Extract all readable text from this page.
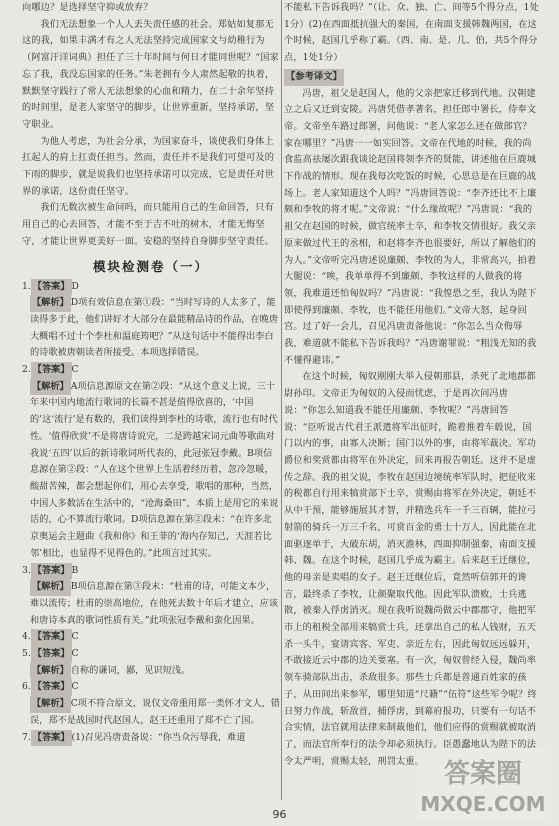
向哪边？是选择坚守抑或放弃？

我们无法想象一个人人丢失责任感的社会。郑姑如复那无这的我，如果丰满才有之人无法坚持完成国家文与幼稚行为（阿富汗洋词典）担任了三十年时间与何日才能同世呢？“国家忘了我，我没忘国家的任务。”朱老拥有今人肃然起敬的执着，默默坚守践行了常人无法想象的心血和精力，在二十余年坚持的时间里，是老人家坚守的脚步，让世界重新，坚持承诺，坚守职业。

为他人考虑，为社会分承，为国家奋斗，谈使我们身体上扛起人的肩上扛责任担当。然而，责任并不是我们可望可及的下雨的脚步，就是说我们也坚持承诺可以完成，它是责任对世界的承诺，这份责任坚守。

我们无数次被生命问吗，而只能用自己的生命回答，只有用自己的心去回答，才能不至于吉不吐的树木，才能无悔坚守，才能让世界更美好一面。安稳的坚持自身脚步坚守责任。

模块检测卷（一）

1. 【答案】 D

【解析】 D项有效信息在第①段：“当时写诗的人太多了，能读得多于此，他们讲好才大部分在最能精品诗的作品，在晚唐大概唱不过十个李杜和温庭筠吧？”从这句话中不能得出李白的诗歌被唐朝读者所接受。本项选择错误。

2. 【答案】 C

【解析】 A项信息源原文在第②段：“从这个意义上说，三十年来中国内地流行歌词的长篇不甚是值得欣喜的，‘中国的’这‘流行’是有数的，我们读得到李杜的诗歌，流行也有时代性。‘值得欣赏’不是将唐诗说完，二是跨越宋词元曲等歌曲对我说‘五四’以后的新诗歌词所代表的，此冠张冠李戴。B项信息源在第②段：“人在这个世界上生活着经历着，忽冷忽暖，酸甜苦辣，都会想起你们，用心去享受，歌唱的那种，当然，中国人多数活在生活中的，“沧海桑田”，本质上是用它的来说话的，心不算流行歌词。D项信息源在第②段末：“在许多北京奥运会主题曲《我和你》和王菲的‘海内存知己，天涯若比邻’相比，也显得不见得色的。”此项言过其实。

3. 【答案】 B

【解析】 B项信息源在第③段末：“杜甫的诗，可能文本少，难以流传；杜甫的崇高地位，在他死去数十年后才建立，应该和唐诗本真的歌词性质有关。”此项张冠李戴和蛮化因果。

4. 【答案】 C

5. 【答案】 C

【解析】 自称的谦词，鄙，见识短浅。

6. 【答案】 C

【解析】 C项不符合原文，说仅文帝重用郑一类怀才文人，错误，郑不是战国时代赵国人，赵王还重用了郑不亡了国。

7. 【答案】 (1)召见冯唐责备说：“你当众污辱我，难道

不能私下告诉我吗？”（让、众、独、亡、间等5个得分点，1处1分）(2)在西面抵抗强大的秦国，在南面支援韩魏两国，在这个时候，赵国几乎称了霸。（西、南、是、几、伯，共5个得分点，1处1分）

【参考译文】

冯唐，祖父是赵国人，他的父亲把家迁移到代地。汉朝建立之后又迁到安陵。冯唐凭借孝著名，担任郎中署长，侍奉文帝。文帝坐车路过郎署，问他说：“老人家怎么还在做郎官？家在哪里？”冯唐一一如实回答。文帝在代地的时候，我的尚食监高祛屡次跟我谈论赵国将领李齐的贤能，讲述他在巨鹿城下作战的情形。现在我每次吃饭的时候，心思总是在巨鹿的战场上。老人家知道这个人吗？”冯唐回答说：“李齐还比不上廉颇和李牧的将才呢。”文帝说：“什么缘故呢？”冯唐说：“我的祖父在赵国的时候，做官统率士卒，和李牧交情很好。我父亲原来做过代王的丞相，和赵将李齐也很要好，所以了解他们的为人。”文帝听完冯唐述说廉颇、李牧的为人，非常高兴，拍着大腿说：“唉，我单单得不到廉颇、李牧这样的人做我的将领，我难道还怕匈奴吗？”冯唐说：“我惶恐之至，我认为陛下即使得到廉颇、李牧，也不能任用他们。”文帝大怒，起身回宫。过了好一会儿，召见冯唐责备他说：“你怎么当众侮辱我，难道就不能私下告诉我吗？”冯唐谢罪说：“粗浅无知的我不懂得避讳。”

在这个时候，匈奴刚刚大举入侵朝那县，杀死了北地郡都尉孙印。文帝正为匈奴的入侵而忧虑，于是再次问冯唐说：“你怎么知道我不能任用廉颇、李牧呢？”冯唐回答说：“臣听说古代君王派遣将军出征时，跪着推着车毂说，国门以内的事，由寡人决断；国门以外的事，由将军裁决。军功爵位和奖赏都由将军在外决定，回来再报告朝廷。这并不是虚传之辞。我的祖父说，李牧在赵国边境统率军队时，把征收来的税都自行用来犒赏部下士卒，赏赐由将军在外决定，朝廷不从中干预，能够施展其才智，并精选兵车一千三百辆，能拉弓射箭的骑兵一万三千名，可赏百金的勇士十万人，因此能在北面驱逐单于，大破东胡，消灭澹林，西面抑制强秦，南面支援韩、魏。在这个时候，赵国几乎成为霸主。后来赵王迁继位，他的母亲是卖唱的女子。赵王迁继位后，竟然听信郭开的谗言，最终杀了李牧，让颜聚取代他。因此军队溃败，士兵逃散，被秦人俘虏消灭。现在我听说魏尚做云中郡郡守，他把军市上的租税全部用来犒赏士兵，还拿出自己的私人钱财，五天杀一头牛，宴请宾客、军吏、亲近左右，因此匈奴远远躲开，不敢接近云中郡的边关要塞。有一次，匈奴曾经入侵，魏尚率领车骑部队出击，杀敌很多。那些士兵都是普通百姓家的孩子，从田间出来参军，哪里知道“尺籍”“伍符”这些军令呢？终日努力作战，斩敌首，捕俘虏，到幕府报功，只要有一句话不合实情，法官就用法律来制裁他们，他们应得的赏赐就被取消了，而法官所奉行的法令却必须执行。臣愚蠢地认为陛下的法令太严明，赏赐太轻，刑罚太重。

96
答案圈
MXQE.COM
